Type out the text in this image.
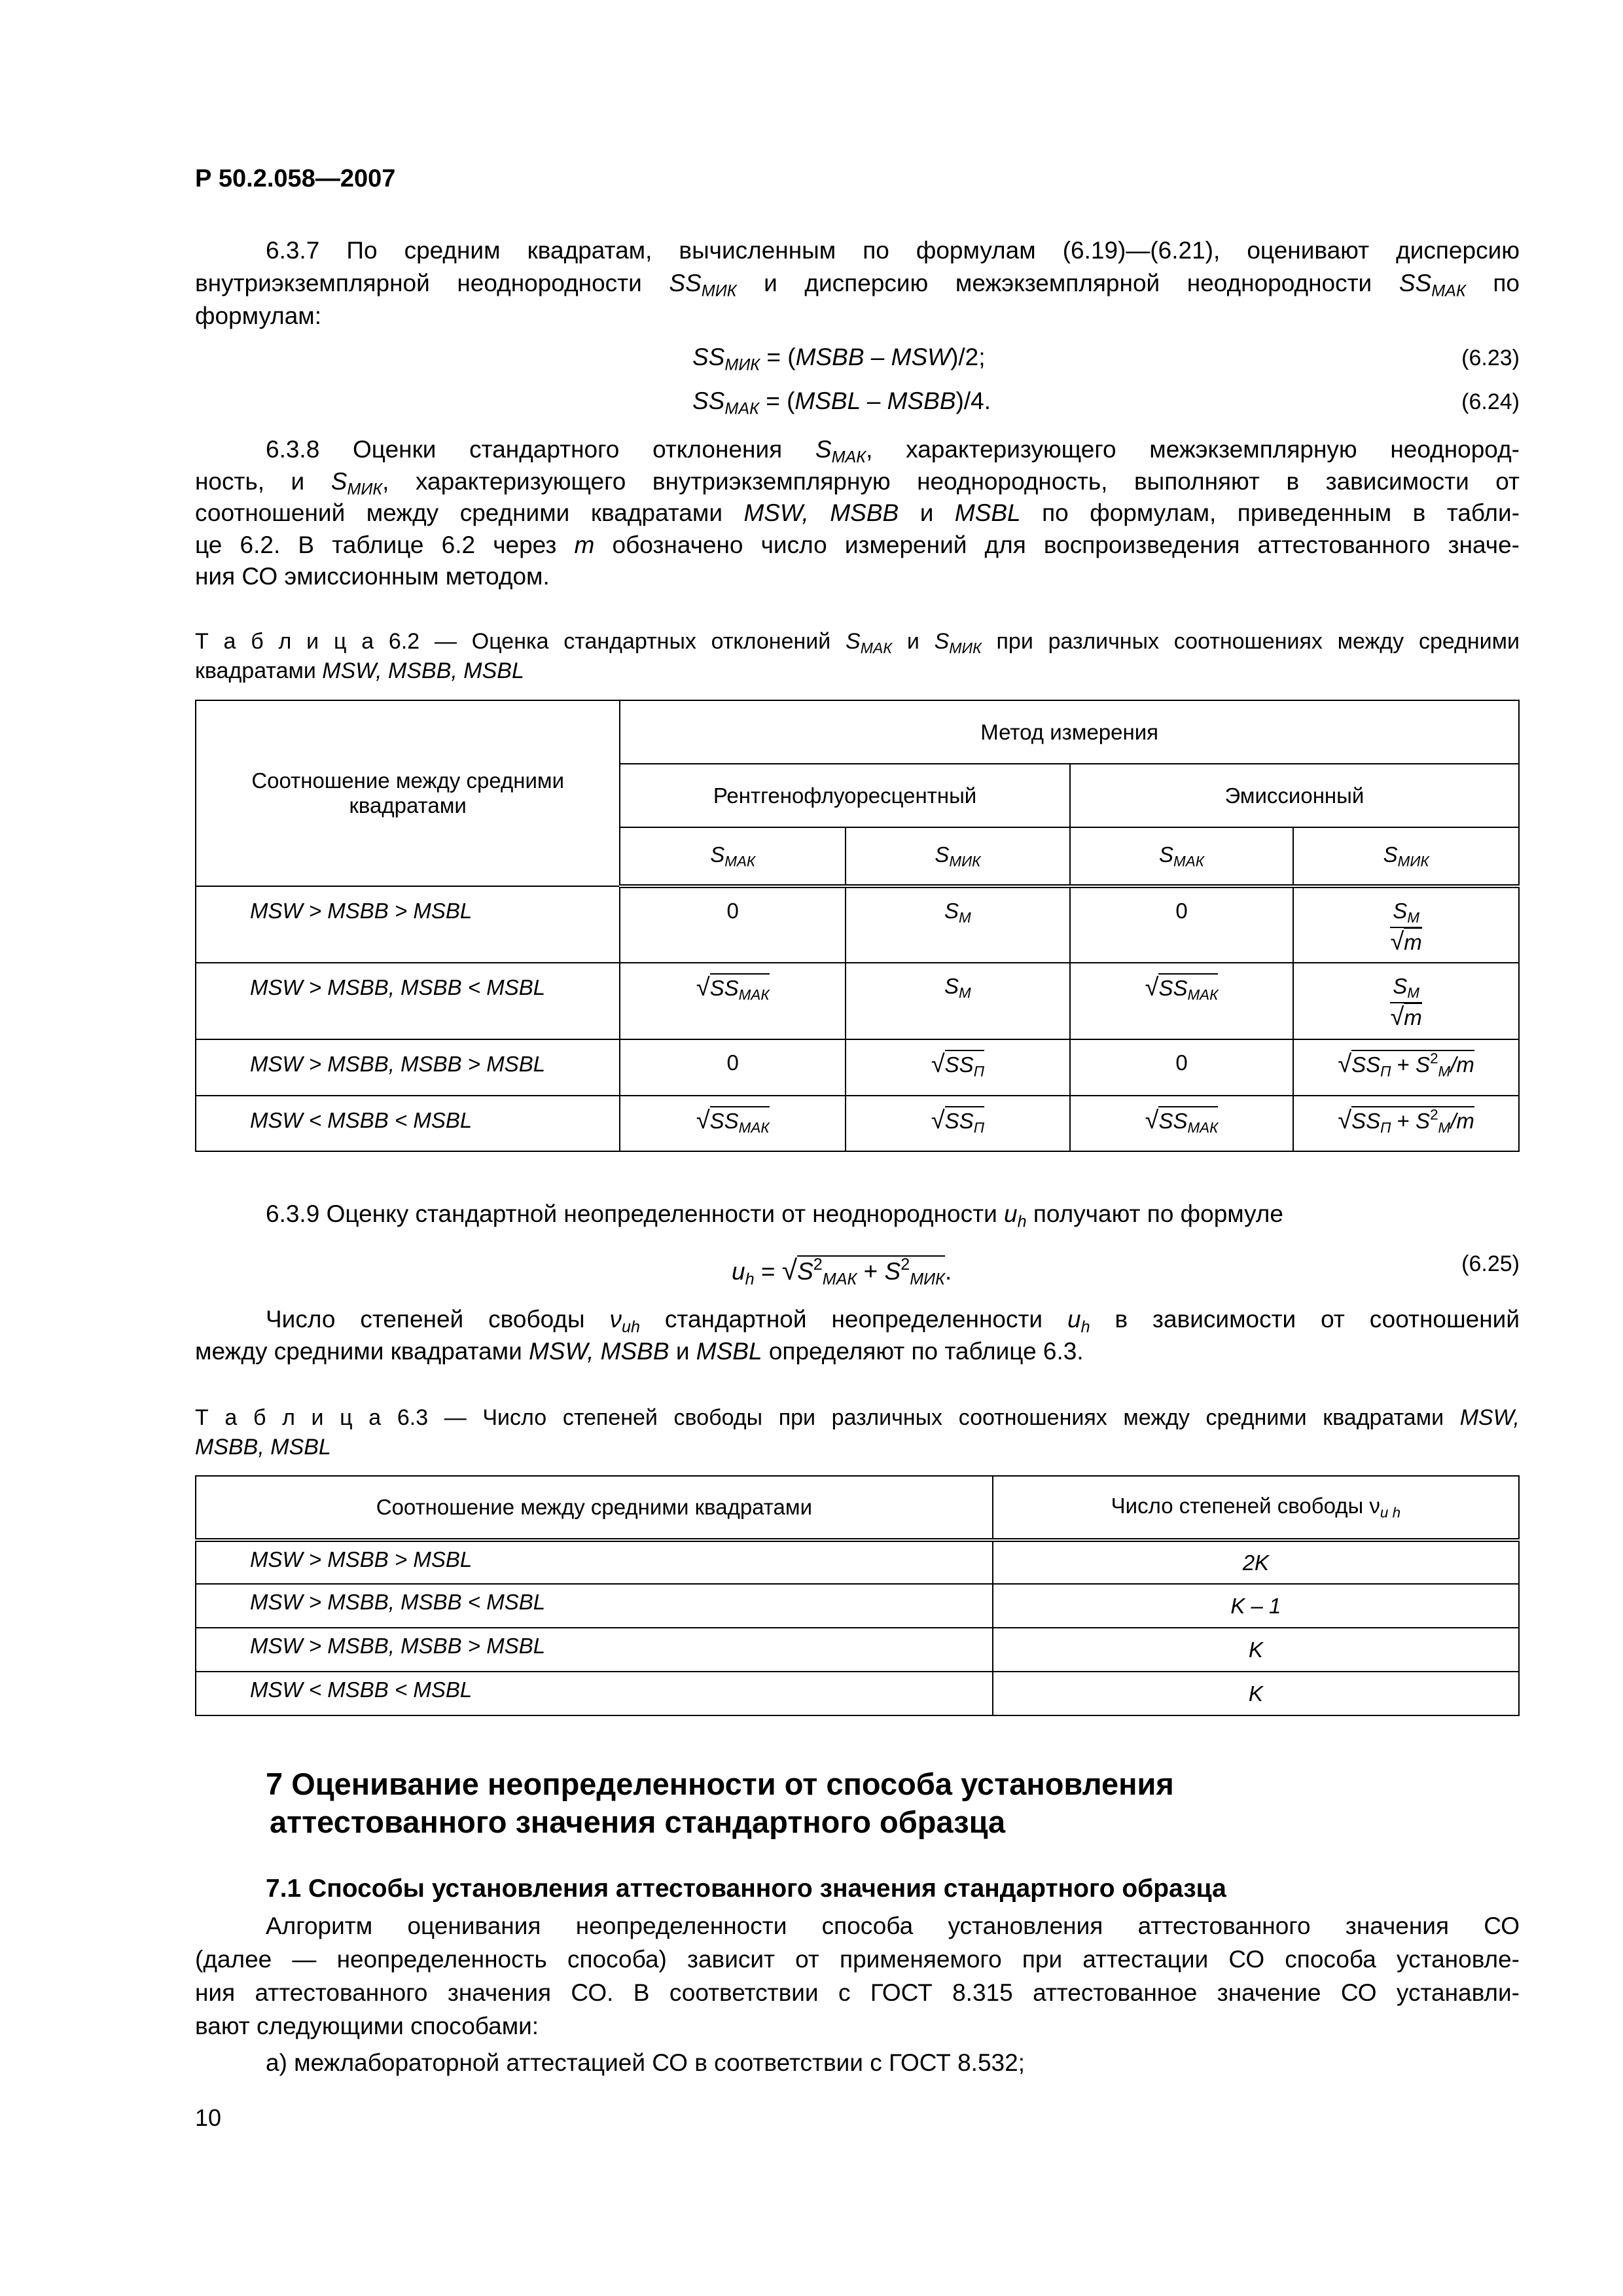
Р 50.2.058—2007
6.3.7 По средним квадратам, вычисленным по формулам (6.19)—(6.21), оценивают дисперсию
внутриэкземплярной неоднородности $SS_{МИК}$ и дисперсию межэкземплярной неоднородности $SS_{МАК}$ по
формулам:
$SS_{МИК}$ = (MSBB – MSW)/2;	(6.23)
$SS_{МАК}$ = (MSBL – MSBB)/4.	(6.24)
6.3.8 Оценки стандартного отклонения $S_{МАК}$, характеризующего межэкземплярную неоднород-
ность, и $S_{МИК}$, характеризующего внутриэкземплярную неоднородность, выполняют в зависимости от
соотношений между средними квадратами MSW, MSBB и MSBL по формулам, приведенным в табли-
це 6.2. В таблице 6.2 через m обозначено число измерений для воспроизведения аттестованного значе-
ния СО эмиссионным методом.
Т а б л и ц а 6.2 — Оценка стандартных отклонений $S_{МАК}$ и $S_{МИК}$ при различных соотношениях между средними
квадратами MSW, MSBB, MSBL
Соотношение между средними квадратами	Метод измерения			
	Рентгенофлуоресцентный		Эмиссионный	
	$S_{МАК}$	$S_{МИК}$	$S_{МАК}$	$S_{МИК}$
MSW > MSBB > MSBL	0	$S_М$	0	$\frac{S_М}{√m}$

MSW > MSBB, MSBB < MSBL	$√SS_{МАК}$	$S_М$	$√SS_{МАК}$	$\frac{S_М}{√m}$

MSW > MSBB, MSBB > MSBL	0	$√SS_П$	0	$√SS_П + S^2_М/m$
MSW < MSBB < MSBL	$√SS_{МАК}$	$√SS_П$	$√SS_{МАК}$	$√SS_П + S^2_М/m$
6.3.9 Оценку стандартной неопределенности от неоднородности $u_h$ получают по формуле
$u_h = √S^2_{МАК} + S^2_{МИК}$.	(6.25)
Число степеней свободы $\nu_{uh}$ стандартной неопределенности $u_h$ в зависимости от соотношений
между средними квадратами MSW, MSBB и MSBL определяют по таблице 6.3.
Т а б л и ц а 6.3 — Число степеней свободы при различных соотношениях между средними квадратами MSW,
MSBB, MSBL
Соотношение между средними квадратами	Число степеней свободы $\nu_{u h}$
MSW > MSBB > MSBL	2K
MSW > MSBB, MSBB < MSBL	K – 1
MSW > MSBB, MSBB > MSBL	K
MSW < MSBB < MSBL	K
7 Оценивание неопределенности от способа установления
аттестованного значения стандартного образца
7.1 Способы установления аттестованного значения стандартного образца
Алгоритм оценивания неопределенности способа установления аттестованного значения СО
(далее — неопределенность способа) зависит от применяемого при аттестации СО способа установле-
ния аттестованного значения СО. В соответствии с ГОСТ 8.315 аттестованное значение СО устанавли-
вают следующими способами:
а) межлабораторной аттестацией СО в соответствии с ГОСТ 8.532;
10
